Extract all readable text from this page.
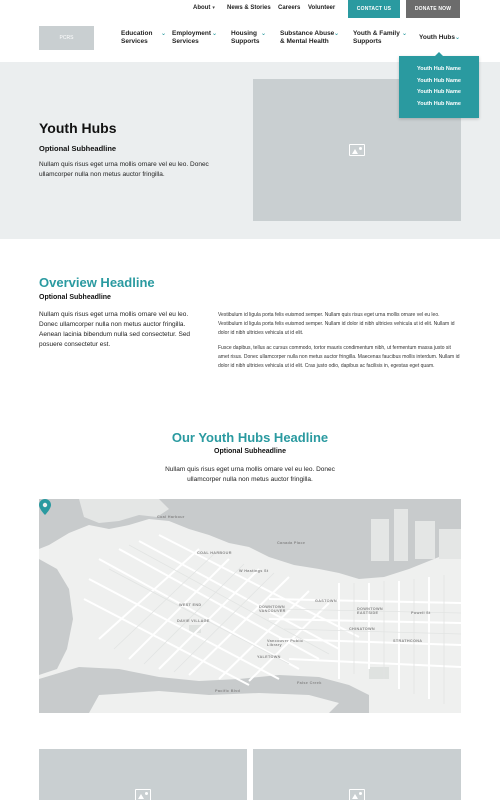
About ▾ News & Stories Careers Volunteer	CONTACT US	DONATE NOW
PCRS
Education
Services
⌄ Employment
Services
⌄ Housing
Supports
⌄ Substance Abuse
& Mental Health
⌄ Youth & Family
Supports
⌄ Youth Hubs ⌄
Youth Hubs
Optional Subheadline

Nullam quis risus eget urna mollis ornare vel eu leo. Donec ullamcorper nulla non metus auctor fringilla.

Youth Hub Name
Youth Hub Name
Youth Hub Name
Youth Hub Name
Overview Headline
Optional Subheadline

Nullam quis risus eget urna mollis ornare vel eu leo. Donec ullamcorper nulla non metus auctor fringilla. Aenean lacinia bibendum nulla sed consectetur. Sed posuere consectetur est.

Vestibulum id ligula porta felis euismod semper. Nullam quis risus eget urna mollis ornare vel eu leo. Vestibulum id ligula porta felis euismod semper. Nullam id dolor id nibh ultricies vehicula ut id elit. Nullam id dolor id nibh ultricies vehicula ut id elit.

Fusce dapibus, tellus ac cursus commodo, tortor mauris condimentum nibh, ut fermentum massa justo sit amet risus. Donec ullamcorper nulla non metus auctor fringilla. Maecenas faucibus mollis interdum. Nullam id dolor id nibh ultricies vehicula ut id elit. Cras justo odio, dapibus ac facilisis in, egestas eget quam.

Our Youth Hubs Headline
Optional Subheadline

Nullam quis risus eget urna mollis ornare vel eu leo. Donec ullamcorper nulla non metus auctor fringilla.

Coal Harbour
COAL HARBOUR
Canada Place
W Hastings St
WEST END
DAVIE VILLAGE
DOWNTOWN VANCOUVER
GASTOWN
DOWNTOWN EASTSIDE
CHINATOWN
STRATHCONA
Powell St
YALETOWN
Vancouver Public Library
Pacific Blvd
False Creek
